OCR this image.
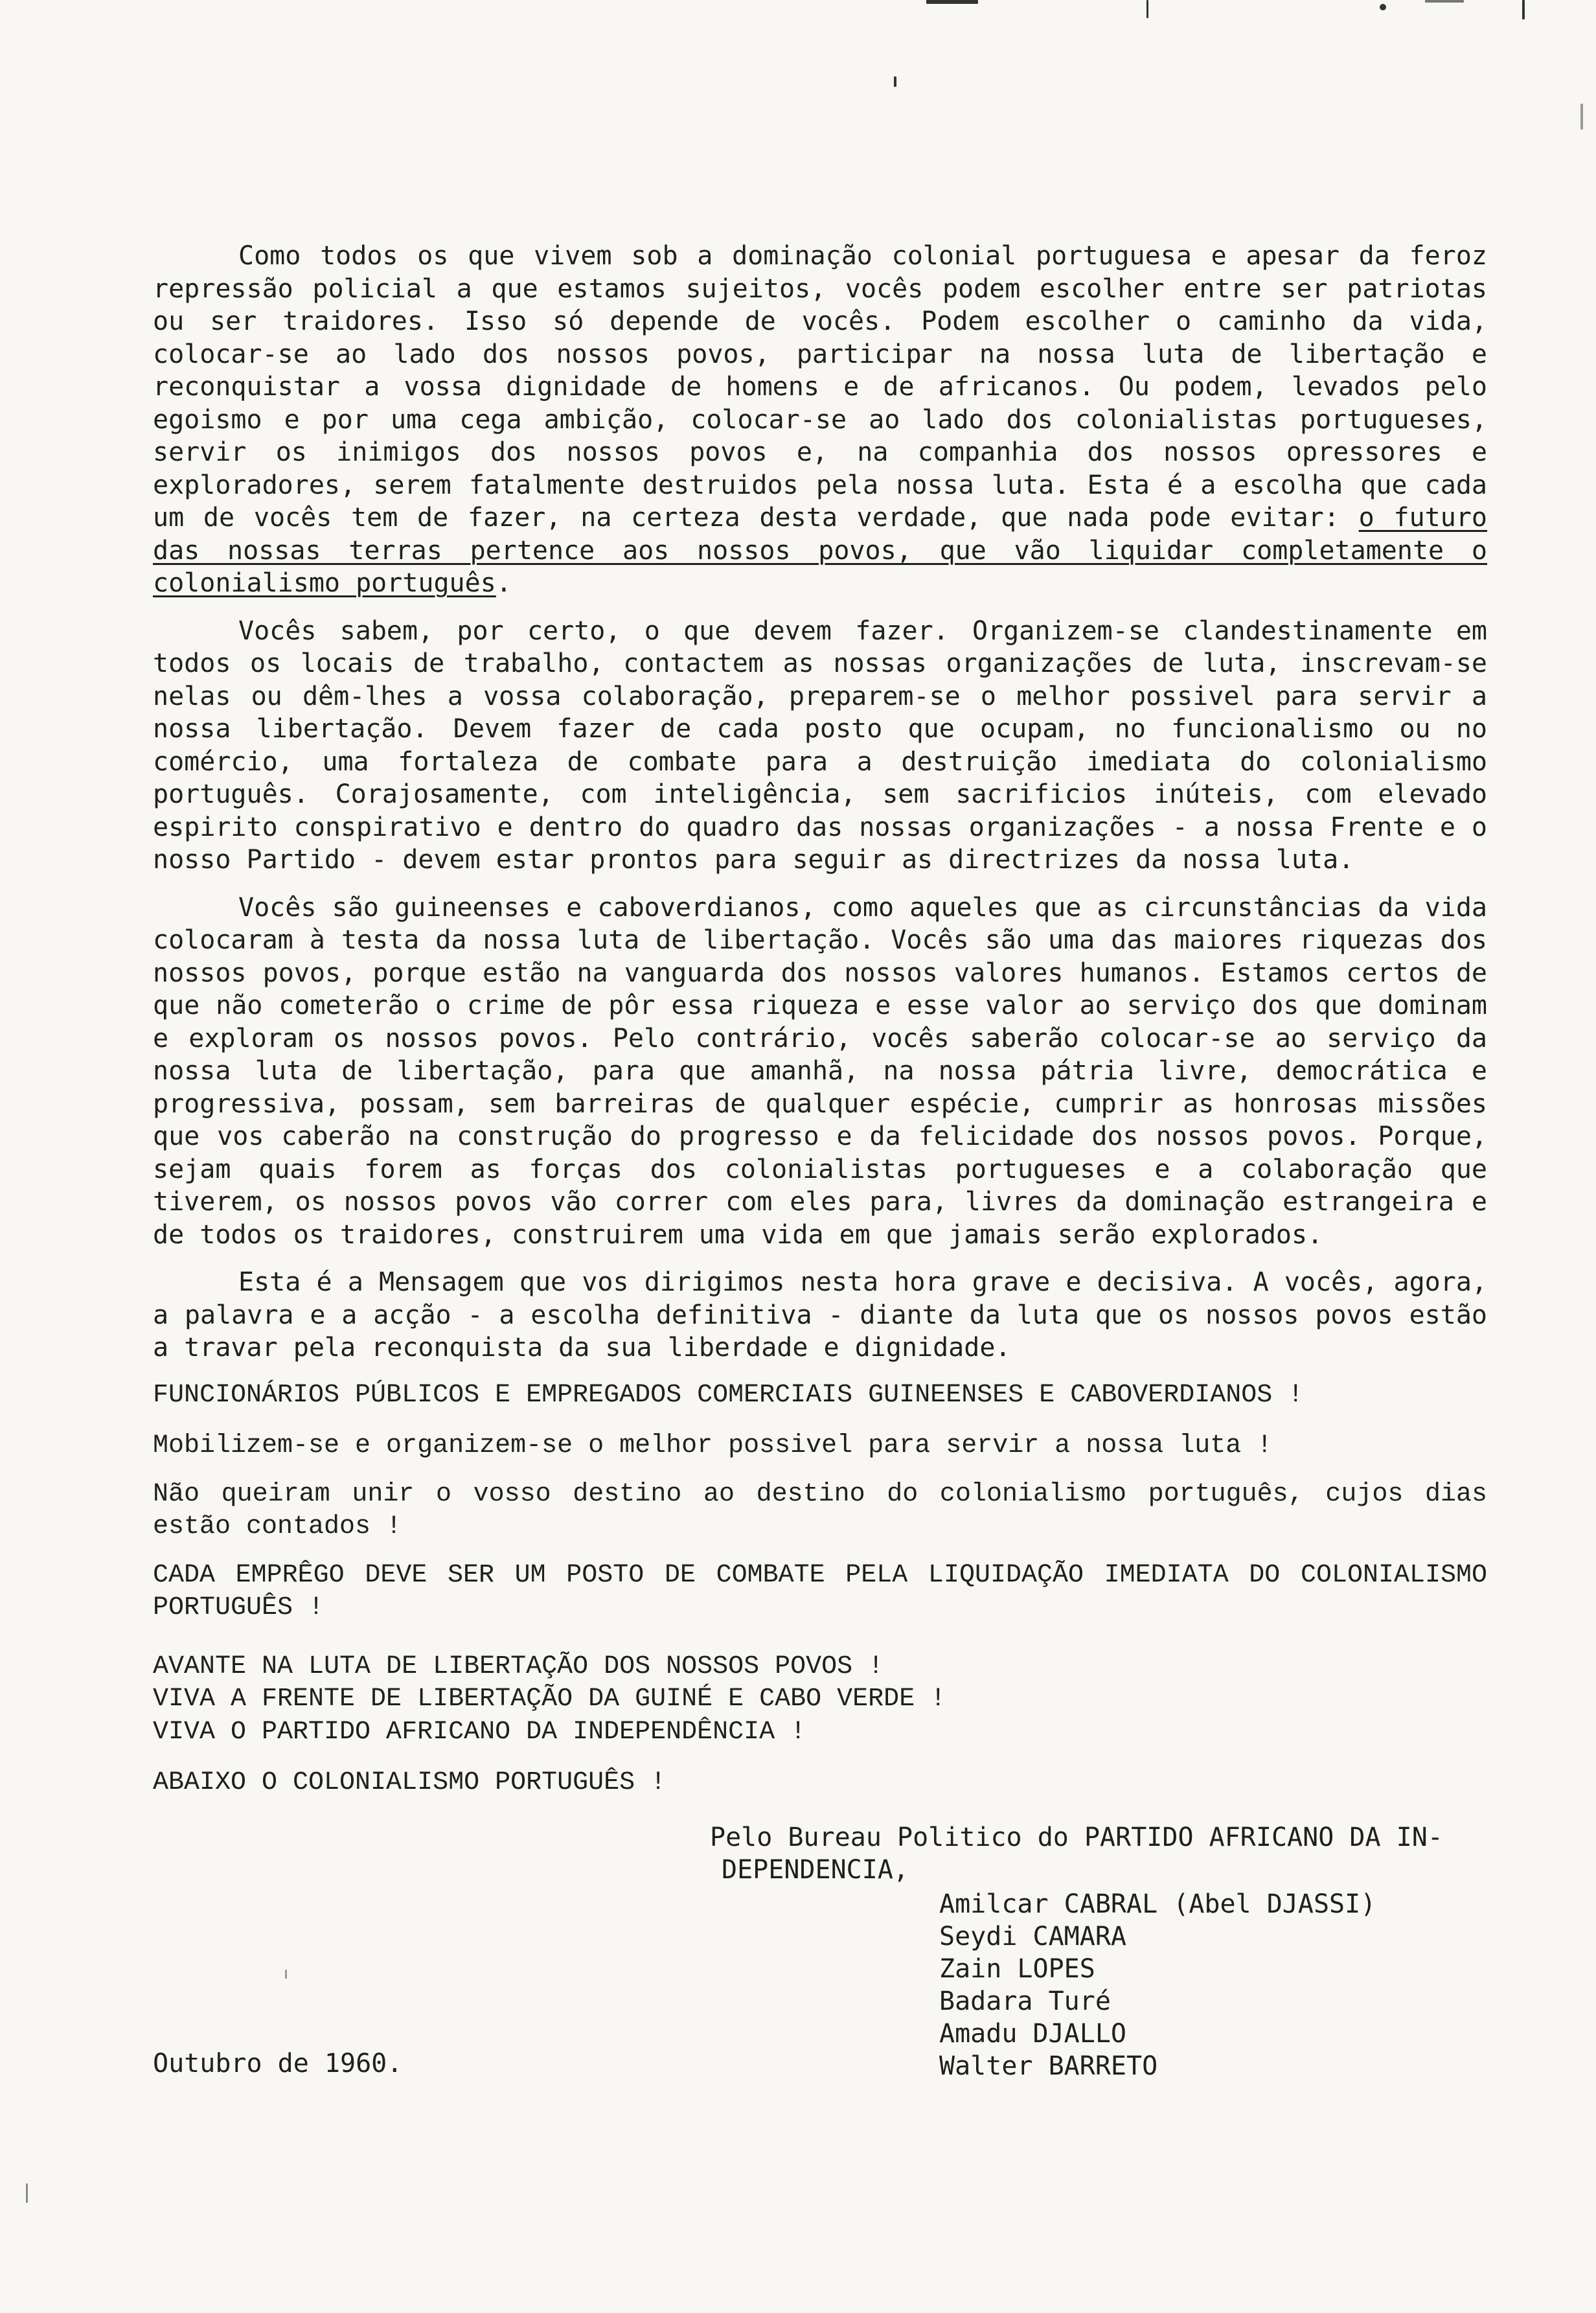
Como todos os que vivem sob a dominação colonial portuguesa e apesar da feroz repressão policial a que estamos sujeitos, vocês podem escolher entre ser patriotas ou ser traidores. Isso só depende de vocês. Podem escolher o caminho da vida, colocar-se ao lado dos nossos povos, participar na nossa luta de libertação e reconquistar a vossa dignidade de homens e de africanos. Ou podem, levados pelo egoismo e por uma cega ambição, colocar-se ao lado dos colonialistas portugueses, servir os inimigos dos nossos povos e, na companhia dos nossos opressores e exploradores, serem fatalmente destruidos pela nossa luta. Esta é a escolha que cada um de vocês tem de fazer, na certeza desta verdade, que nada pode evitar: o futuro das nossas terras pertence aos nossos povos, que vão liquidar completamente o colonialismo português.

Vocês sabem, por certo, o que devem fazer. Organizem-se clandestinamente em todos os locais de trabalho, contactem as nossas organizações de luta, inscrevam-se nelas ou dêm-lhes a vossa colaboração, preparem-se o melhor possivel para servir a nossa libertação. Devem fazer de cada posto que ocupam, no funcionalismo ou no comércio, uma fortaleza de combate para a destruição imediata do colonialismo português. Corajosamente, com inteligência, sem sacrificios inúteis, com elevado espirito conspirativo e dentro do quadro das nossas organizações - a nossa Frente e o nosso Partido - devem estar prontos para seguir as directrizes da nossa luta.

Vocês são guineenses e caboverdianos, como aqueles que as circunstâncias da vida colocaram à testa da nossa luta de libertação. Vocês são uma das maiores riquezas dos nossos povos, porque estão na vanguarda dos nossos valores humanos. Estamos certos de que não cometerão o crime de pôr essa riqueza e esse valor ao serviço dos que dominam e exploram os nossos povos. Pelo contrário, vocês saberão colocar-se ao serviço da nossa luta de libertação, para que amanhã, na nossa pátria livre, democrática e progressiva, possam, sem barreiras de qualquer espécie, cumprir as honrosas missões que vos caberão na construção do progresso e da felicidade dos nossos povos. Porque, sejam quais forem as forças dos colonialistas portugueses e a colaboração que tiverem, os nossos povos vão correr com eles para, livres da dominação estrangeira e de todos os traidores, construirem uma vida em que jamais serão explorados.

Esta é a Mensagem que vos dirigimos nesta hora grave e decisiva. A vocês, agora, a palavra e a acção - a escolha definitiva - diante da luta que os nossos povos estão a travar pela reconquista da sua liberdade e dignidade.

FUNCIONÁRIOS PÚBLICOS E EMPREGADOS COMERCIAIS GUINEENSES E CABOVERDIANOS !

Mobilizem-se e organizem-se o melhor possivel para servir a nossa luta !

Não queiram unir o vosso destino ao destino do colonialismo português, cujos dias estão contados !

CADA EMPRÊGO DEVE SER UM POSTO DE COMBATE PELA LIQUIDAÇÃO IMEDIATA DO COLONIALISMO PORTUGUÊS !

AVANTE NA LUTA DE LIBERTAÇÃO DOS NOSSOS POVOS !

VIVA A FRENTE DE LIBERTAÇÃO DA GUINÉ E CABO VERDE !

VIVA O PARTIDO AFRICANO DA INDEPENDÊNCIA !

ABAIXO O COLONIALISMO PORTUGUÊS !

Pelo Bureau Politico do PARTIDO AFRICANO DA IN-
DEPENDENCIA,
Amilcar CABRAL (Abel DJASSI)
Seydi CAMARA
Zain LOPES
Badara Turé
Amadu DJALLO
Walter BARRETO
Outubro de 1960.
